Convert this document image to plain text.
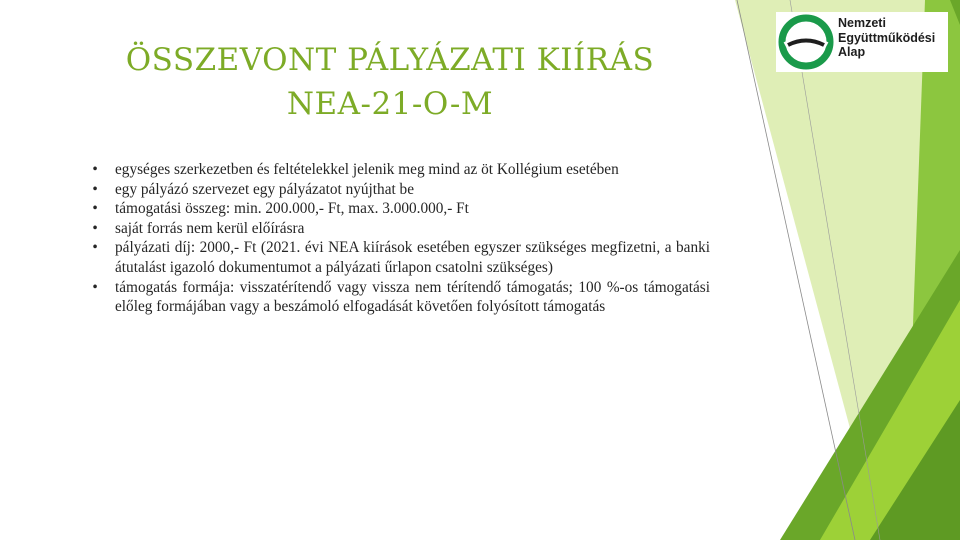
ÖSSZEVONT PÁLYÁZATI KIÍRÁS
NEA-21-O-M
• egységes szerkezetben és feltételekkel jelenik meg mind az öt Kollégium esetében
• egy pályázó szervezet egy pályázatot nyújthat be
• támogatási összeg: min. 200.000,- Ft, max. 3.000.000,- Ft
• saját forrás nem kerül előírásra
• pályázati díj: 2000,- Ft (2021. évi NEA kiírások esetében egyszer szükséges megfizetni, a banki átutalást igazoló dokumentumot a pályázati űrlapon csatolni szükséges)
• támogatás formája: visszatérítendő vagy vissza nem térítendő támogatás; 100 %-os támogatási előleg formájában vagy a beszámoló elfogadását követően folyósított támogatás
Nemzeti
Együttműködési
Alap
